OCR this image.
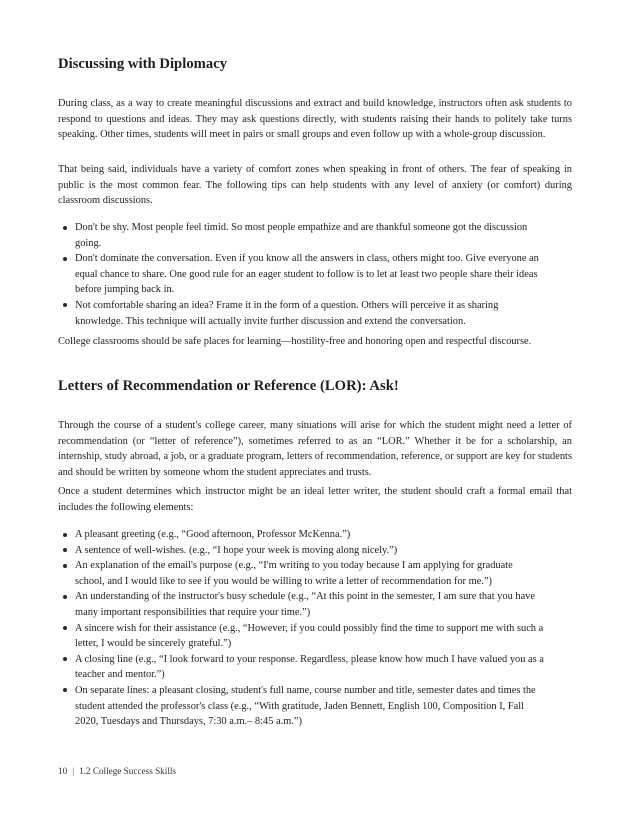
Discussing with Diplomacy

During class, as a way to create meaningful discussions and extract and build knowledge, instructors often ask students to respond to questions and ideas. They may ask questions directly, with students raising their hands to politely take turns speaking. Other times, students will meet in pairs or small groups and even follow up with a whole-group discussion.

That being said, individuals have a variety of comfort zones when speaking in front of others. The fear of speaking in public is the most common fear. The following tips can help students with any level of anxiety (or comfort) during classroom discussions.

Don't be shy. Most people feel timid. So most people empathize and are thankful someone got the discussion going.
Don't dominate the conversation. Even if you know all the answers in class, others might too. Give everyone an equal chance to share. One good rule for an eager student to follow is to let at least two people share their ideas before jumping back in.
Not comfortable sharing an idea? Frame it in the form of a question. Others will perceive it as sharing knowledge. This technique will actually invite further discussion and extend the conversation.

College classrooms should be safe places for learning—hostility-free and honoring open and respectful discourse.

Letters of Recommendation or Reference (LOR): Ask!

Through the course of a student's college career, many situations will arise for which the student might need a letter of recommendation (or “letter of reference”), sometimes referred to as an “LOR.” Whether it be for a scholarship, an internship, study abroad, a job, or a graduate program, letters of recommendation, reference, or support are key for students and should be written by someone whom the student appreciates and trusts.

Once a student determines which instructor might be an ideal letter writer, the student should craft a formal email that includes the following elements:

A pleasant greeting (e.g., “Good afternoon, Professor McKenna.”)
A sentence of well-wishes. (e.g., “I hope your week is moving along nicely.”)
An explanation of the email's purpose (e.g., “I'm writing to you today because I am applying for graduate school, and I would like to see if you would be willing to write a letter of recommendation for me.”)
An understanding of the instructor's busy schedule (e.g., “At this point in the semester, I am sure that you have many important responsibilities that require your time.”)
A sincere wish for their assistance (e.g., “However, if you could possibly find the time to support me with such a letter, I would be sincerely grateful.”)
A closing line (e.g., “I look forward to your response. Regardless, please know how much I have valued you as a teacher and mentor.”)
On separate lines: a pleasant closing, student's full name, course number and title, semester dates and times the student attended the professor's class (e.g., “With gratitude, Jaden Bennett, English 100, Composition I, Fall 2020, Tuesdays and Thursdays, 7:30 a.m.– 8:45 a.m.”)
10 | 1.2 College Success Skills
